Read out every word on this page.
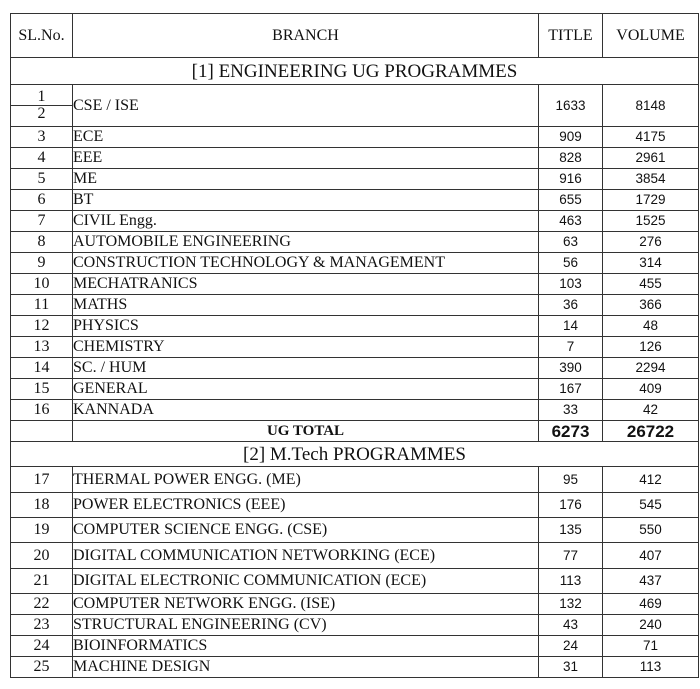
SL.No.	BRANCH	TITLE	VOLUME
[1] ENGINEERING UG PROGRAMMES			

1
2	CSE / ISE	1633	8148
3	ECE	909	4175
4	EEE	828	2961
5	ME	916	3854
6	BT	655	1729
7	CIVIL Engg.	463	1525
8	AUTOMOBILE ENGINEERING	63	276
9	CONSTRUCTION TECHNOLOGY & MANAGEMENT	56	314
10	MECHATRANICS	103	455
11	MATHS	36	366
12	PHYSICS	14	48
13	CHEMISTRY	7	126
14	SC. / HUM	390	2294
15	GENERAL	167	409
16	KANNADA	33	42
	UG TOTAL	6273	26722
[2] M.Tech PROGRAMMES			
17	THERMAL POWER ENGG. (ME)	95	412
18	POWER ELECTRONICS (EEE)	176	545
19	COMPUTER SCIENCE ENGG. (CSE)	135	550
20	DIGITAL COMMUNICATION NETWORKING (ECE)	77	407
21	DIGITAL ELECTRONIC COMMUNICATION (ECE)	113	437
22	COMPUTER NETWORK ENGG. (ISE)	132	469
23	STRUCTURAL ENGINEERING (CV)	43	240
24	BIOINFORMATICS	24	71
25	MACHINE DESIGN	31	113
